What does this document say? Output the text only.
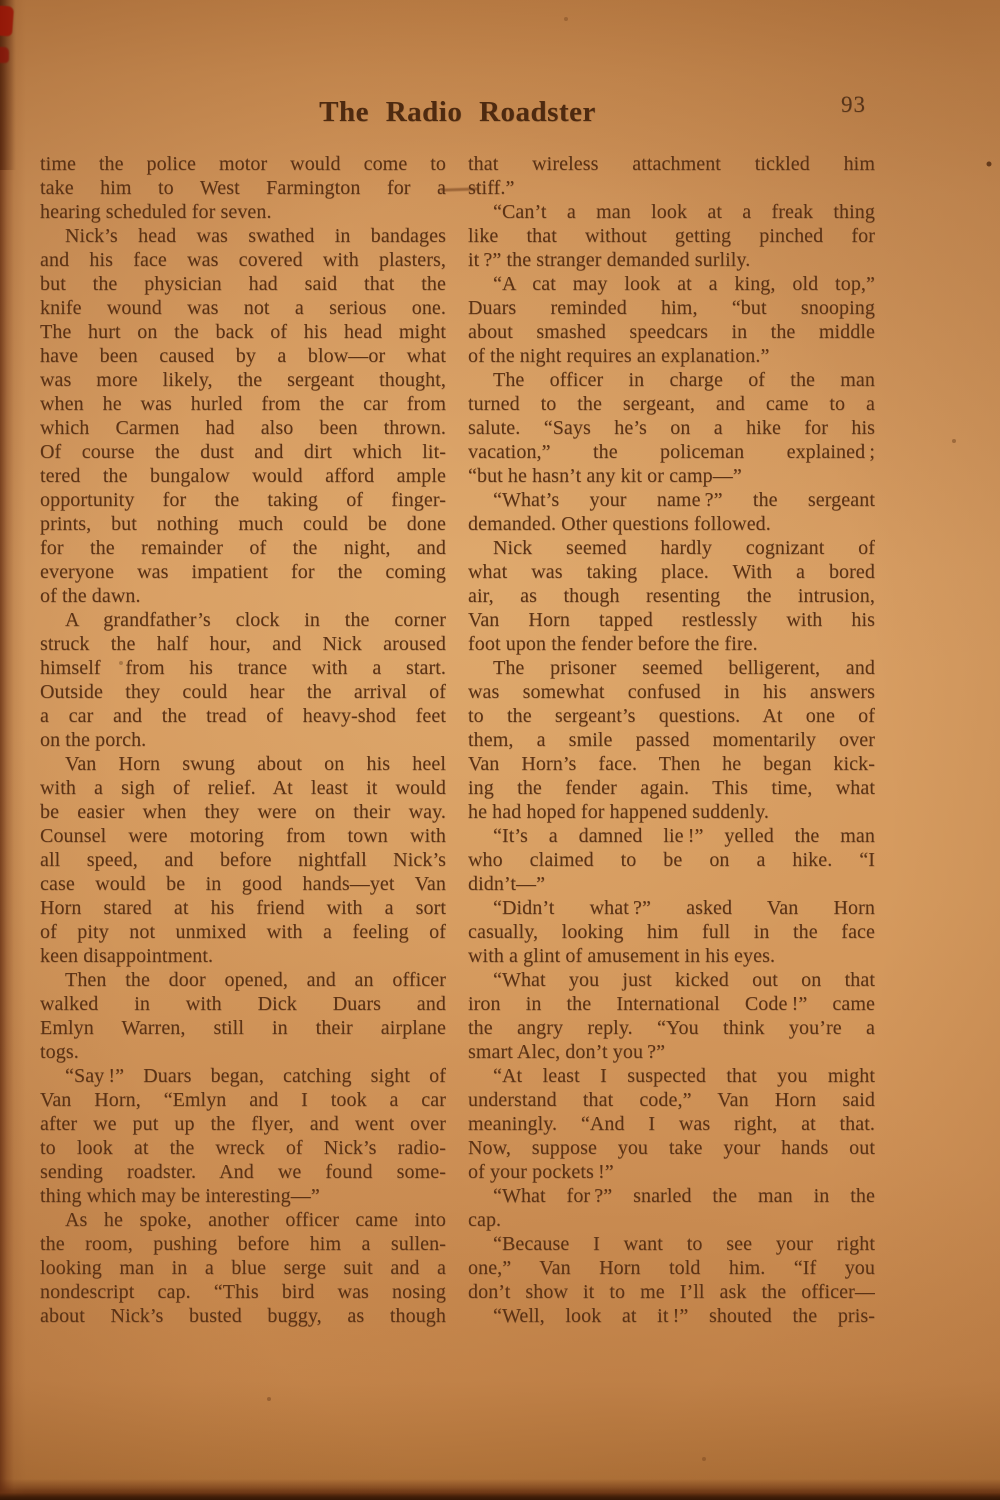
The Radio Roadster	93
time the police motor would come to
take him to West Farmington for a
hearing scheduled for seven.
Nick’s head was swathed in bandages
and his face was covered with plasters,
but the physician had said that the
knife wound was not a serious one.
The hurt on the back of his head might
have been caused by a blow—or what
was more likely, the sergeant thought,
when he was hurled from the car from
which Carmen had also been thrown.
Of course the dust and dirt which lit-
tered the bungalow would afford ample
opportunity for the taking of finger-
prints, but nothing much could be done
for the remainder of the night, and
everyone was impatient for the coming
of the dawn.
A grandfather’s clock in the corner
struck the half hour, and Nick aroused
himself from his trance with a start.
Outside they could hear the arrival of
a car and the tread of heavy-shod feet
on the porch.
Van Horn swung about on his heel
with a sigh of relief. At least it would
be easier when they were on their way.
Counsel were motoring from town with
all speed, and before nightfall Nick’s
case would be in good hands—yet Van
Horn stared at his friend with a sort
of pity not unmixed with a feeling of
keen disappointment.
Then the door opened, and an officer
walked in with Dick Duars and
Emlyn Warren, still in their airplane
togs.
“Say !” Duars began, catching sight of
Van Horn, “Emlyn and I took a car
after we put up the flyer, and went over
to look at the wreck of Nick’s radio-
sending roadster. And we found some-
thing which may be interesting—”
As he spoke, another officer came into
the room, pushing before him a sullen-
looking man in a blue serge suit and a
nondescript cap. “This bird was nosing
about Nick’s busted buggy, as though
that wireless attachment tickled him
stiff.”
“Can’t a man look at a freak thing
like that without getting pinched for
it ?” the stranger demanded surlily.
“A cat may look at a king, old top,”
Duars reminded him, “but snooping
about smashed speedcars in the middle
of the night requires an explanation.”
The officer in charge of the man
turned to the sergeant, and came to a
salute. “Says he’s on a hike for his
vacation,” the policeman explained ;
“but he hasn’t any kit or camp—”
“What’s your name ?” the sergeant
demanded. Other questions followed.
Nick seemed hardly cognizant of
what was taking place. With a bored
air, as though resenting the intrusion,
Van Horn tapped restlessly with his
foot upon the fender before the fire.
The prisoner seemed belligerent, and
was somewhat confused in his answers
to the sergeant’s questions. At one of
them, a smile passed momentarily over
Van Horn’s face. Then he began kick-
ing the fender again. This time, what
he had hoped for happened suddenly.
“It’s a damned lie !” yelled the man
who claimed to be on a hike. “I
didn’t—”
“Didn’t what ?” asked Van Horn
casually, looking him full in the face
with a glint of amusement in his eyes.
“What you just kicked out on that
iron in the International Code !” came
the angry reply. “You think you’re a
smart Alec, don’t you ?”
“At least I suspected that you might
understand that code,” Van Horn said
meaningly. “And I was right, at that.
Now, suppose you take your hands out
of your pockets !”
“What for ?” snarled the man in the
cap.
“Because I want to see your right
one,” Van Horn told him. “If you
don’t show it to me I’ll ask the officer—
“Well, look at it !” shouted the pris-
